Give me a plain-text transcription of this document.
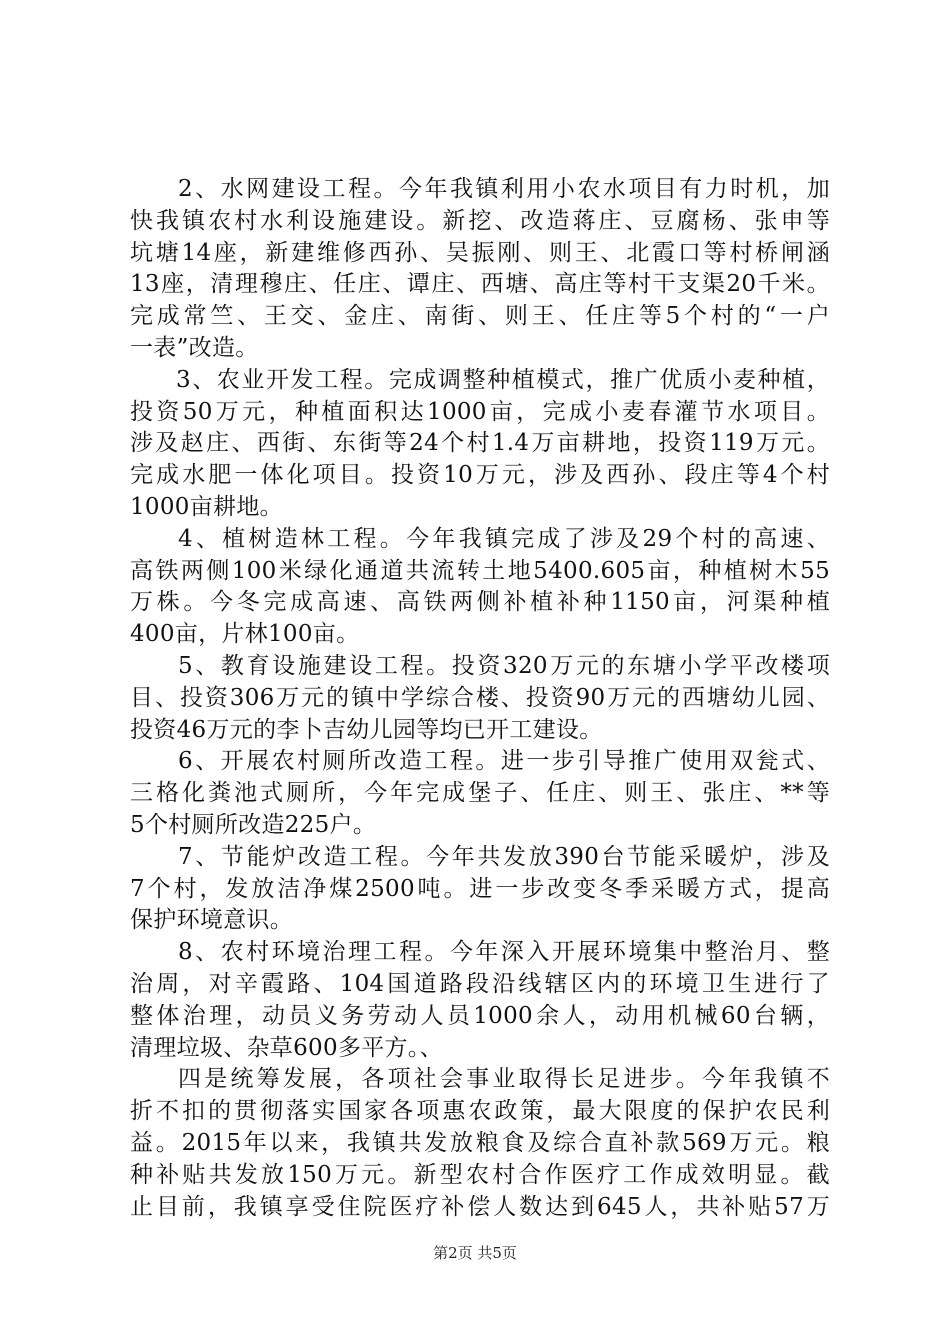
2、水网建设工程。今年我镇利用小农水项目有力时机，加
快我镇农村水利设施建设。新挖、改造蒋庄、豆腐杨、张申等
坑塘14座，新建维修西孙、吴振刚、则王、北霞口等村桥闸涵
13座，清理穆庄、任庄、谭庄、西塘、高庄等村干支渠20千米。
完成常竺、王交、金庄、南街、则王、任庄等5个村的“一户
一表”改造。
3、农业开发工程。完成调整种植模式，推广优质小麦种植，
投资50万元，种植面积达1000亩，完成小麦春灌节水项目。
涉及赵庄、西街、东街等24个村1.4万亩耕地，投资119万元。
完成水肥一体化项目。投资10万元，涉及西孙、段庄等4个村
1000亩耕地。
4、植树造林工程。今年我镇完成了涉及29个村的高速、
高铁两侧100米绿化通道共流转土地5400.605亩，种植树木55
万株。今冬完成高速、高铁两侧补植补种1150亩，河渠种植
400亩，片林100亩。
5、教育设施建设工程。投资320万元的东塘小学平改楼项
目、投资306万元的镇中学综合楼、投资90万元的西塘幼儿园、
投资46万元的李卜吉幼儿园等均已开工建设。
6、开展农村厕所改造工程。进一步引导推广使用双瓮式、
三格化粪池式厕所，今年完成堡子、任庄、则王、张庄、**等
5个村厕所改造225户。
7、节能炉改造工程。今年共发放390台节能采暖炉，涉及
7个村，发放洁净煤2500吨。进一步改变冬季采暖方式，提高
保护环境意识。
8、农村环境治理工程。今年深入开展环境集中整治月、整
治周，对辛霞路、104国道路段沿线辖区内的环境卫生进行了
整体治理，动员义务劳动人员1000余人，动用机械60台辆，
清理垃圾、杂草600多平方。、
四是统筹发展，各项社会事业取得长足进步。今年我镇不
折不扣的贯彻落实国家各项惠农政策，最大限度的保护农民利
益。2015年以来，我镇共发放粮食及综合直补款569万元。粮
种补贴共发放150万元。新型农村合作医疗工作成效明显。截
止目前，我镇享受住院医疗补偿人数达到645人，共补贴57万
第2页 共5页
